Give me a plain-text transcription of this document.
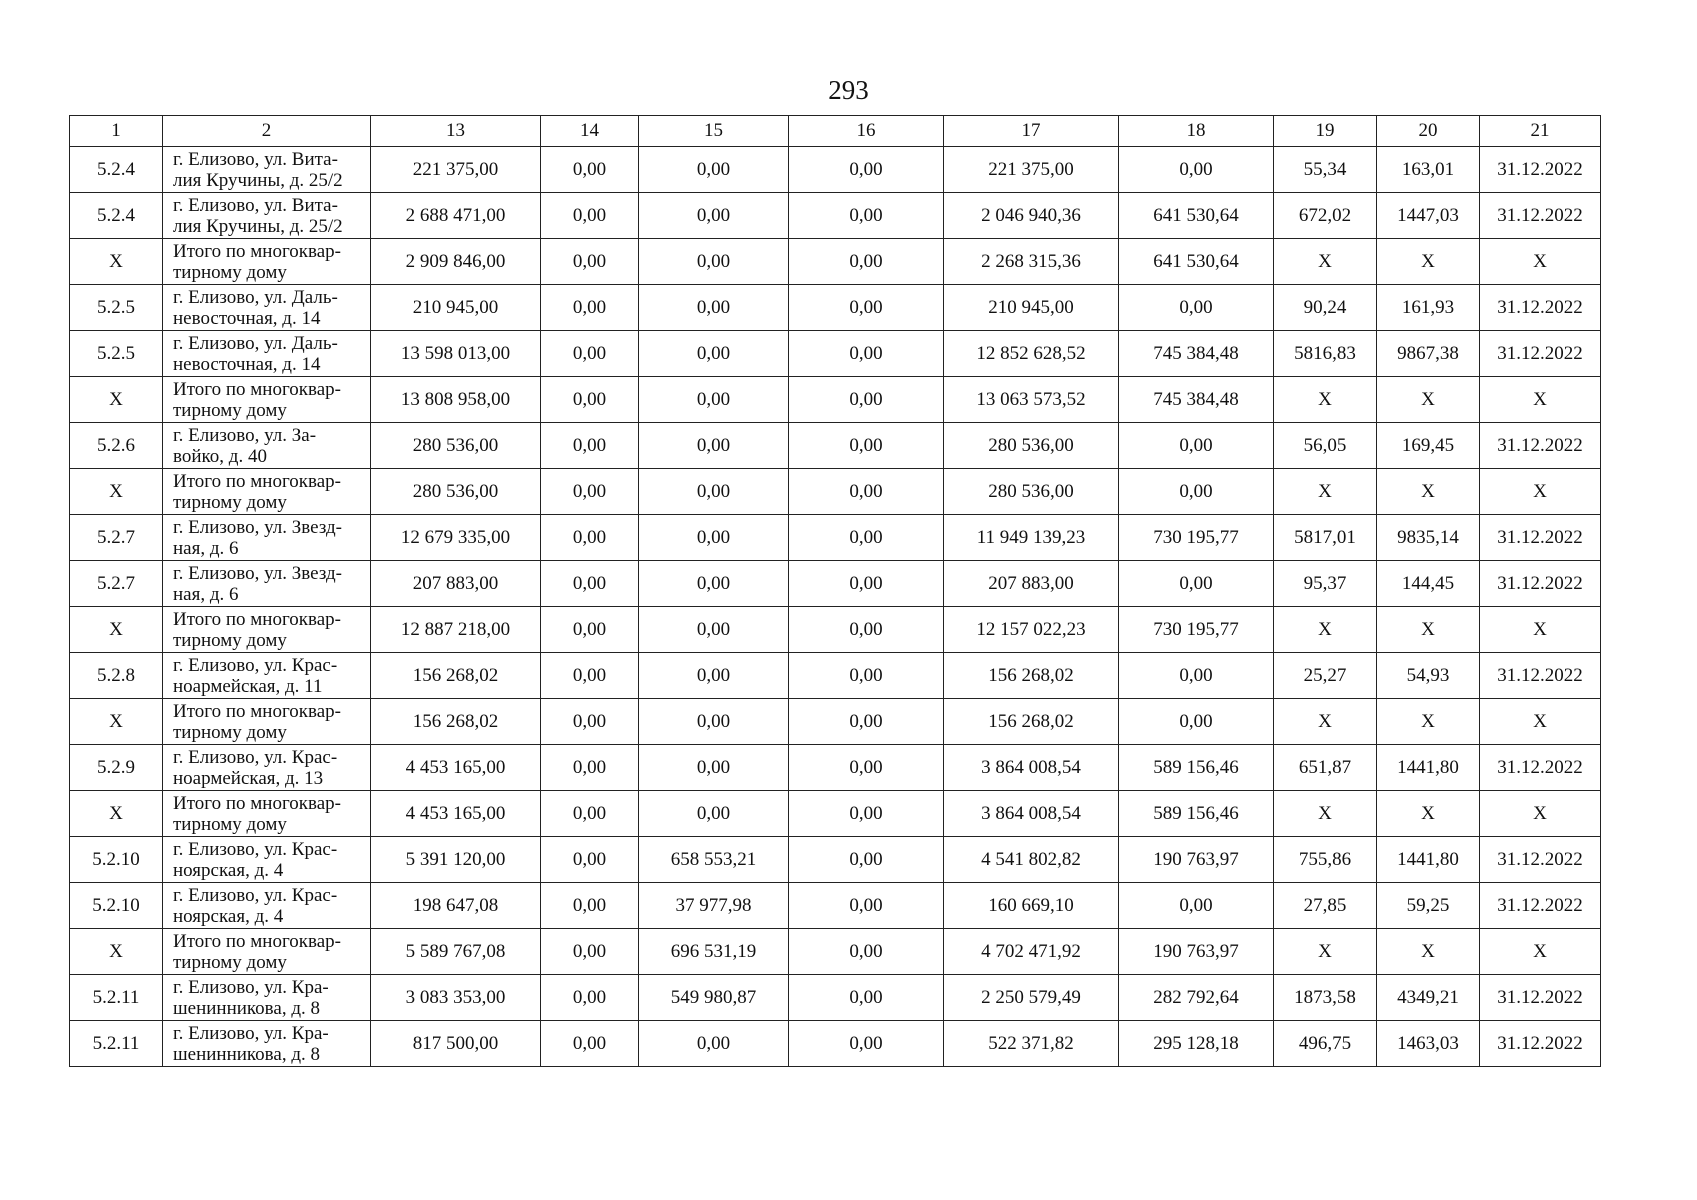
293
1	2	13	14	15	16	17	18	19	20	21
5.2.4	г. Елизово, ул. Вита-лия Кручины, д. 25/2	221 375,00	0,00	0,00	0,00	221 375,00	0,00	55,34	163,01	31.12.2022
5.2.4	г. Елизово, ул. Вита-лия Кручины, д. 25/2	2 688 471,00	0,00	0,00	0,00	2 046 940,36	641 530,64	672,02	1447,03	31.12.2022
X	Итого по многоквар-тирному дому	2 909 846,00	0,00	0,00	0,00	2 268 315,36	641 530,64	X	X	X
5.2.5	г. Елизово, ул. Даль-невосточная, д. 14	210 945,00	0,00	0,00	0,00	210 945,00	0,00	90,24	161,93	31.12.2022
5.2.5	г. Елизово, ул. Даль-невосточная, д. 14	13 598 013,00	0,00	0,00	0,00	12 852 628,52	745 384,48	5816,83	9867,38	31.12.2022
X	Итого по многоквар-тирному дому	13 808 958,00	0,00	0,00	0,00	13 063 573,52	745 384,48	X	X	X
5.2.6	г. Елизово, ул. За-войко, д. 40	280 536,00	0,00	0,00	0,00	280 536,00	0,00	56,05	169,45	31.12.2022
X	Итого по многоквар-тирному дому	280 536,00	0,00	0,00	0,00	280 536,00	0,00	X	X	X
5.2.7	г. Елизово, ул. Звезд-ная, д. 6	12 679 335,00	0,00	0,00	0,00	11 949 139,23	730 195,77	5817,01	9835,14	31.12.2022
5.2.7	г. Елизово, ул. Звезд-ная, д. 6	207 883,00	0,00	0,00	0,00	207 883,00	0,00	95,37	144,45	31.12.2022
X	Итого по многоквар-тирному дому	12 887 218,00	0,00	0,00	0,00	12 157 022,23	730 195,77	X	X	X
5.2.8	г. Елизово, ул. Крас-ноармейская, д. 11	156 268,02	0,00	0,00	0,00	156 268,02	0,00	25,27	54,93	31.12.2022
X	Итого по многоквар-тирному дому	156 268,02	0,00	0,00	0,00	156 268,02	0,00	X	X	X
5.2.9	г. Елизово, ул. Крас-ноармейская, д. 13	4 453 165,00	0,00	0,00	0,00	3 864 008,54	589 156,46	651,87	1441,80	31.12.2022
X	Итого по многоквар-тирному дому	4 453 165,00	0,00	0,00	0,00	3 864 008,54	589 156,46	X	X	X
5.2.10	г. Елизово, ул. Крас-ноярская, д. 4	5 391 120,00	0,00	658 553,21	0,00	4 541 802,82	190 763,97	755,86	1441,80	31.12.2022
5.2.10	г. Елизово, ул. Крас-ноярская, д. 4	198 647,08	0,00	37 977,98	0,00	160 669,10	0,00	27,85	59,25	31.12.2022
X	Итого по многоквар-тирному дому	5 589 767,08	0,00	696 531,19	0,00	4 702 471,92	190 763,97	X	X	X
5.2.11	г. Елизово, ул. Кра-шенинникова, д. 8	3 083 353,00	0,00	549 980,87	0,00	2 250 579,49	282 792,64	1873,58	4349,21	31.12.2022
5.2.11	г. Елизово, ул. Кра-шенинникова, д. 8	817 500,00	0,00	0,00	0,00	522 371,82	295 128,18	496,75	1463,03	31.12.2022
